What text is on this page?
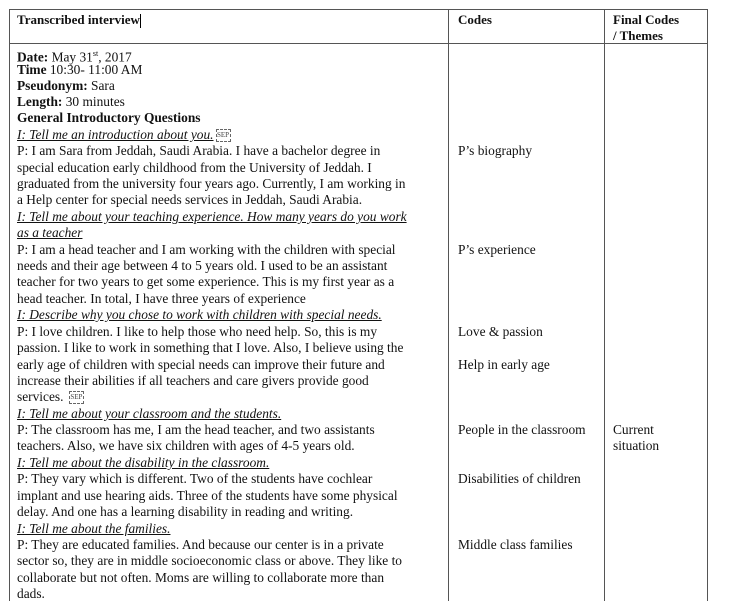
Transcribed interview	Codes	Final Codes
/ Themes
Date: May 31st, 2017
Time 10:30- 11:00 AM
Pseudonym: Sara
Length: 30 minutes
General Introductory Questions
I: Tell me an introduction about you. SEP
P: I am Sara from Jeddah, Saudi Arabia. I have a bachelor degree in
special education early childhood from the University of Jeddah. I
graduated from the university four years ago. Currently, I am working in
a Help center for special needs services in Jeddah, Saudi Arabia.
I: Tell me about your teaching experience. How many years do you work
as a teacher
P: I am a head teacher and I am working with the children with special
needs and their age between 4 to 5 years old. I used to be an assistant
teacher for two years to get some experience. This is my first year as a
head teacher. In total, I have three years of experience
I: Describe why you chose to work with children with special needs.
P: I love children. I like to help those who need help. So, this is my
passion. I like to work in something that I love. Also, I believe using the
early age of children with special needs can improve their future and
increase their abilities if all teachers and care givers provide good
services. SEP
I: Tell me about your classroom and the students.
P: The classroom has me, I am the head teacher, and two assistants
teachers. Also, we have six children with ages of 4-5 years old.
I: Tell me about the disability in the classroom.
P: They vary which is different. Two of the students have cochlear
implant and use hearing aids. Three of the students have some physical
delay. And one has a learning disability in reading and writing.
I: Tell me about the families.
P: They are educated families. And because our center is in a private
sector so, they are in middle socioeconomic class or above. They like to
collaborate but not often. Moms are willing to collaborate more than
dads.
P’s biography
P’s experience
Love & passion
Help in early age
People in the classroom
Disabilities of children
Middle class families
Current
situation
